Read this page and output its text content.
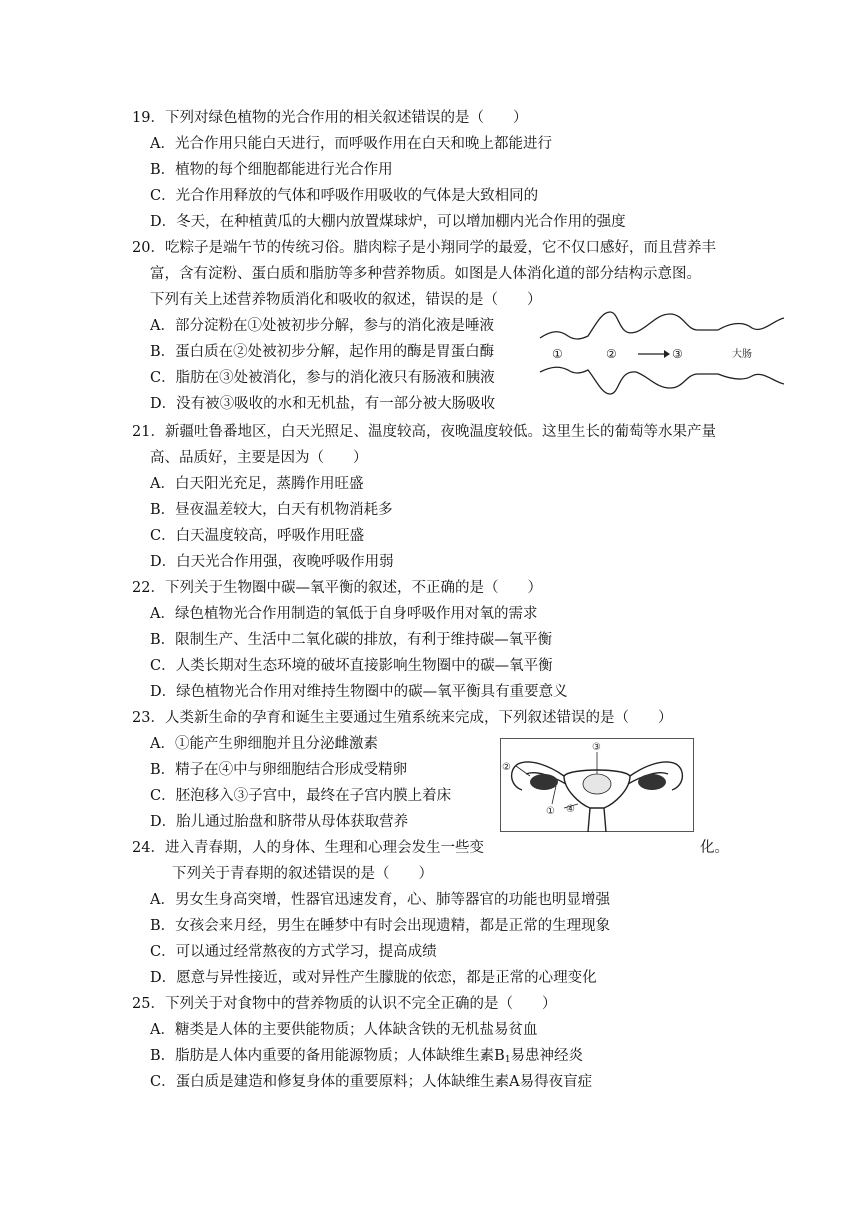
19．下列对绿色植物的光合作用的相关叙述错误的是（　　）
A．光合作用只能白天进行，而呼吸作用在白天和晚上都能进行
B．植物的每个细胞都能进行光合作用
C．光合作用释放的气体和呼吸作用吸收的气体是大致相同的
D．冬天，在种植黄瓜的大棚内放置煤球炉，可以增加棚内光合作用的强度
20．吃粽子是端午节的传统习俗。腊肉粽子是小翔同学的最爱，它不仅口感好，而且营养丰
富，含有淀粉、蛋白质和脂肪等多种营养物质。如图是人体消化道的部分结构示意图。
下列有关上述营养物质消化和吸收的叙述，错误的是（　　）
A．部分淀粉在①处被初步分解，参与的消化液是唾液
B．蛋白质在②处被初步分解，起作用的酶是胃蛋白酶
C．脂肪在③处被消化，参与的消化液只有肠液和胰液
D．没有被③吸收的水和无机盐，有一部分被大肠吸收
①	②	③	大肠
21．新疆吐鲁番地区，白天光照足、温度较高，夜晚温度较低。这里生长的葡萄等水果产量
高、品质好，主要是因为（　　）
A．白天阳光充足，蒸腾作用旺盛
B．昼夜温差较大，白天有机物消耗多
C．白天温度较高，呼吸作用旺盛
D．白天光合作用强，夜晚呼吸作用弱
22．下列关于生物圈中碳—氧平衡的叙述，不正确的是（　　）
A．绿色植物光合作用制造的氧低于自身呼吸作用对氧的需求
B．限制生产、生活中二氧化碳的排放，有利于维持碳—氧平衡
C．人类长期对生态环境的破坏直接影响生物圈中的碳—氧平衡
D．绿色植物光合作用对维持生物圈中的碳—氧平衡具有重要意义
23．人类新生命的孕育和诞生主要通过生殖系统来完成，下列叙述错误的是（　　）
A．①能产生卵细胞并且分泌雌激素
B．精子在④中与卵细胞结合形成受精卵
C．胚泡移入③子宫中，最终在子宫内膜上着床
D．胎儿通过胎盘和脐带从母体获取营养
②
①
③
④
24．进入青春期，人的身体、生理和心理会发生一些变	化。
下列关于青春期的叙述错误的是（　　）
A．男女生身高突增，性器官迅速发育，心、肺等器官的功能也明显增强
B．女孩会来月经，男生在睡梦中有时会出现遗精，都是正常的生理现象
C．可以通过经常熬夜的方式学习，提高成绩
D．愿意与异性接近，或对异性产生朦胧的依恋，都是正常的心理变化
25．下列关于对食物中的营养物质的认识不完全正确的是（　　）
A．糖类是人体的主要供能物质；人体缺含铁的无机盐易贫血
B．脂肪是人体内重要的备用能源物质；人体缺维生素$B_1$易患神经炎
C．蛋白质是建造和修复身体的重要原料；人体缺维生素A易得夜盲症
